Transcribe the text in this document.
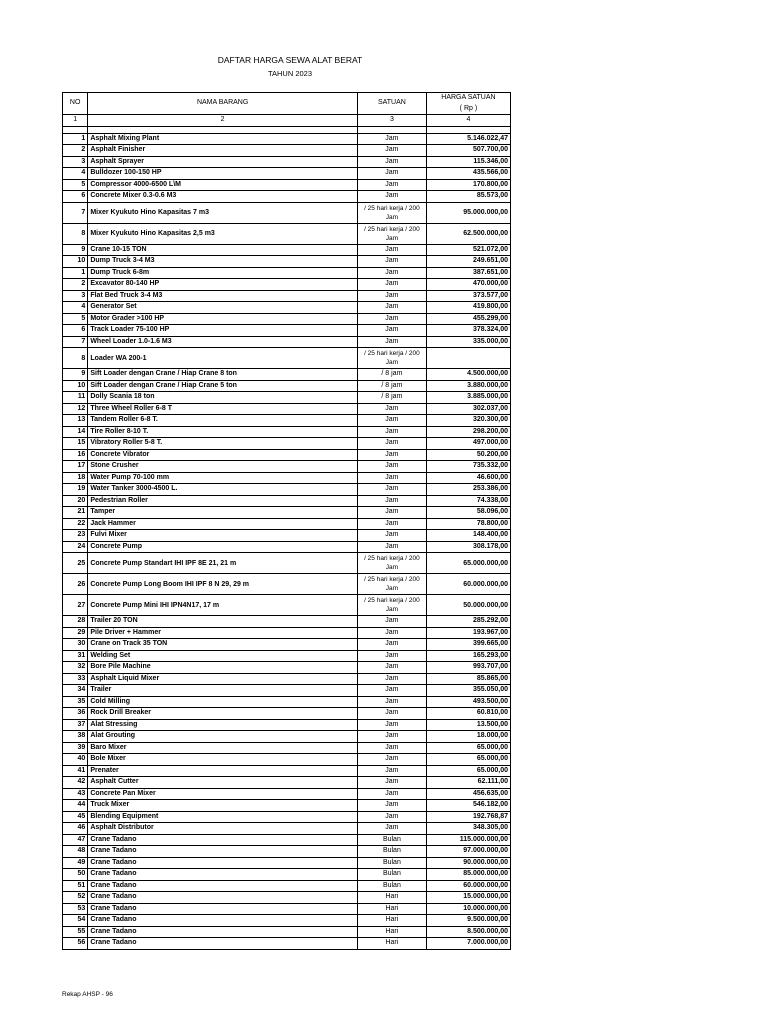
DAFTAR HARGA SEWA ALAT BERAT
TAHUN 2023
NO	NAMA BARANG	SATUAN	HARGA SATUAN
( Rp )

1	2	3	4

1	Asphalt Mixing Plant	Jam	5.146.022,47
2	Asphalt Finisher	Jam	507.700,00
3	Asphalt Sprayer	Jam	115.346,00
4	Bulldozer 100-150 HP	Jam	435.566,00
5	Compressor 4000-6500 L\M	Jam	170.800,00
6	Concrete Mixer 0.3-0.6 M3	Jam	85.573,00
7	Mixer Kyukuto Hino Kapasitas 7 m3	/ 25 hari kerja / 200 Jam	95.000.000,00
8	Mixer Kyukuto Hino Kapasitas 2,5 m3	/ 25 hari kerja / 200 Jam	62.500.000,00
9	Crane 10-15 TON	Jam	521.072,00
10	Dump Truck 3-4 M3	Jam	249.651,00
1	Dump Truck 6-8m	Jam	387.651,00
2	Excavator 80-140 HP	Jam	470.000,00
3	Flat Bed Truck 3-4 M3	Jam	373.577,00
4	Generator Set	Jam	419.800,00
5	Motor Grader >100 HP	Jam	455.299,00
6	Track Loader 75-100 HP	Jam	378.324,00
7	Wheel Loader 1.0-1.6 M3	Jam	335.000,00
8	Loader WA 200-1	/ 25 hari kerja / 200 Jam	
9	Sift Loader dengan Crane / Hiap Crane 8 ton	/ 8 jam	4.500.000,00
10	Sift Loader dengan Crane / Hiap Crane 5 ton	/ 8 jam	3.880.000,00
11	Dolly Scania 18 ton	/ 8 jam	3.885.000,00
12	Three Wheel Roller 6-8 T	Jam	302.037,00
13	Tandem Roller 6-8 T.	Jam	320.300,00
14	Tire Roller 8-10 T.	Jam	298.200,00
15	Vibratory Roller 5-8 T.	Jam	497.000,00
16	Concrete Vibrator	Jam	50.200,00
17	Stone Crusher	Jam	735.332,00
18	Water Pump 70-100 mm	Jam	46.600,00
19	Water Tanker 3000-4500 L.	Jam	253.386,00
20	Pedestrian Roller	Jam	74.338,00
21	Tamper	Jam	58.096,00
22	Jack Hammer	Jam	78.800,00
23	Fulvi Mixer	Jam	148.400,00
24	Concrete Pump	Jam	308.178,00
25	Concrete Pump Standart IHI IPF 8E 21, 21 m	/ 25 hari kerja / 200 Jam	65.000.000,00
26	Concrete Pump Long Boom IHI IPF 8 N 29, 29 m	/ 25 hari kerja / 200 Jam	60.000.000,00
27	Concrete Pump Mini IHI IPN4N17, 17 m	/ 25 hari kerja / 200 Jam	50.000.000,00
28	Trailer 20 TON	Jam	285.292,00
29	Pile Driver + Hammer	Jam	193.967,00
30	Crane on Track 35 TON	Jam	399.665,00
31	Welding Set	Jam	165.293,00
32	Bore Pile Machine	Jam	993.707,00
33	Asphalt Liquid Mixer	Jam	85.865,00
34	Trailer	Jam	355.050,00
35	Cold Milling	Jam	493.500,00
36	Rock Drill Breaker	Jam	60.810,00
37	Alat Stressing	Jam	13.500,00
38	Alat Grouting	Jam	18.000,00
39	Baro Mixer	Jam	65.000,00
40	Bole Mixer	Jam	65.000,00
41	Prenater	Jam	65.000,00
42	Asphalt Cutter	Jam	62.111,00
43	Concrete Pan Mixer	Jam	456.635,00
44	Truck Mixer	Jam	546.182,00
45	Blending Equipment	Jam	192.768,87
46	Asphalt Distributor	Jam	348.305,00
47	Crane Tadano	Bulan	115.000.000,00
48	Crane Tadano	Bulan	97.000.000,00
49	Crane Tadano	Bulan	90.000.000,00
50	Crane Tadano	Bulan	85.000.000,00
51	Crane Tadano	Bulan	60.000.000,00
52	Crane Tadano	Hari	15.000.000,00
53	Crane Tadano	Hari	10.000.000,00
54	Crane Tadano	Hari	9.500.000,00
55	Crane Tadano	Hari	8.500.000,00
56	Crane Tadano	Hari	7.000.000,00
Rekap AHSP - 96
